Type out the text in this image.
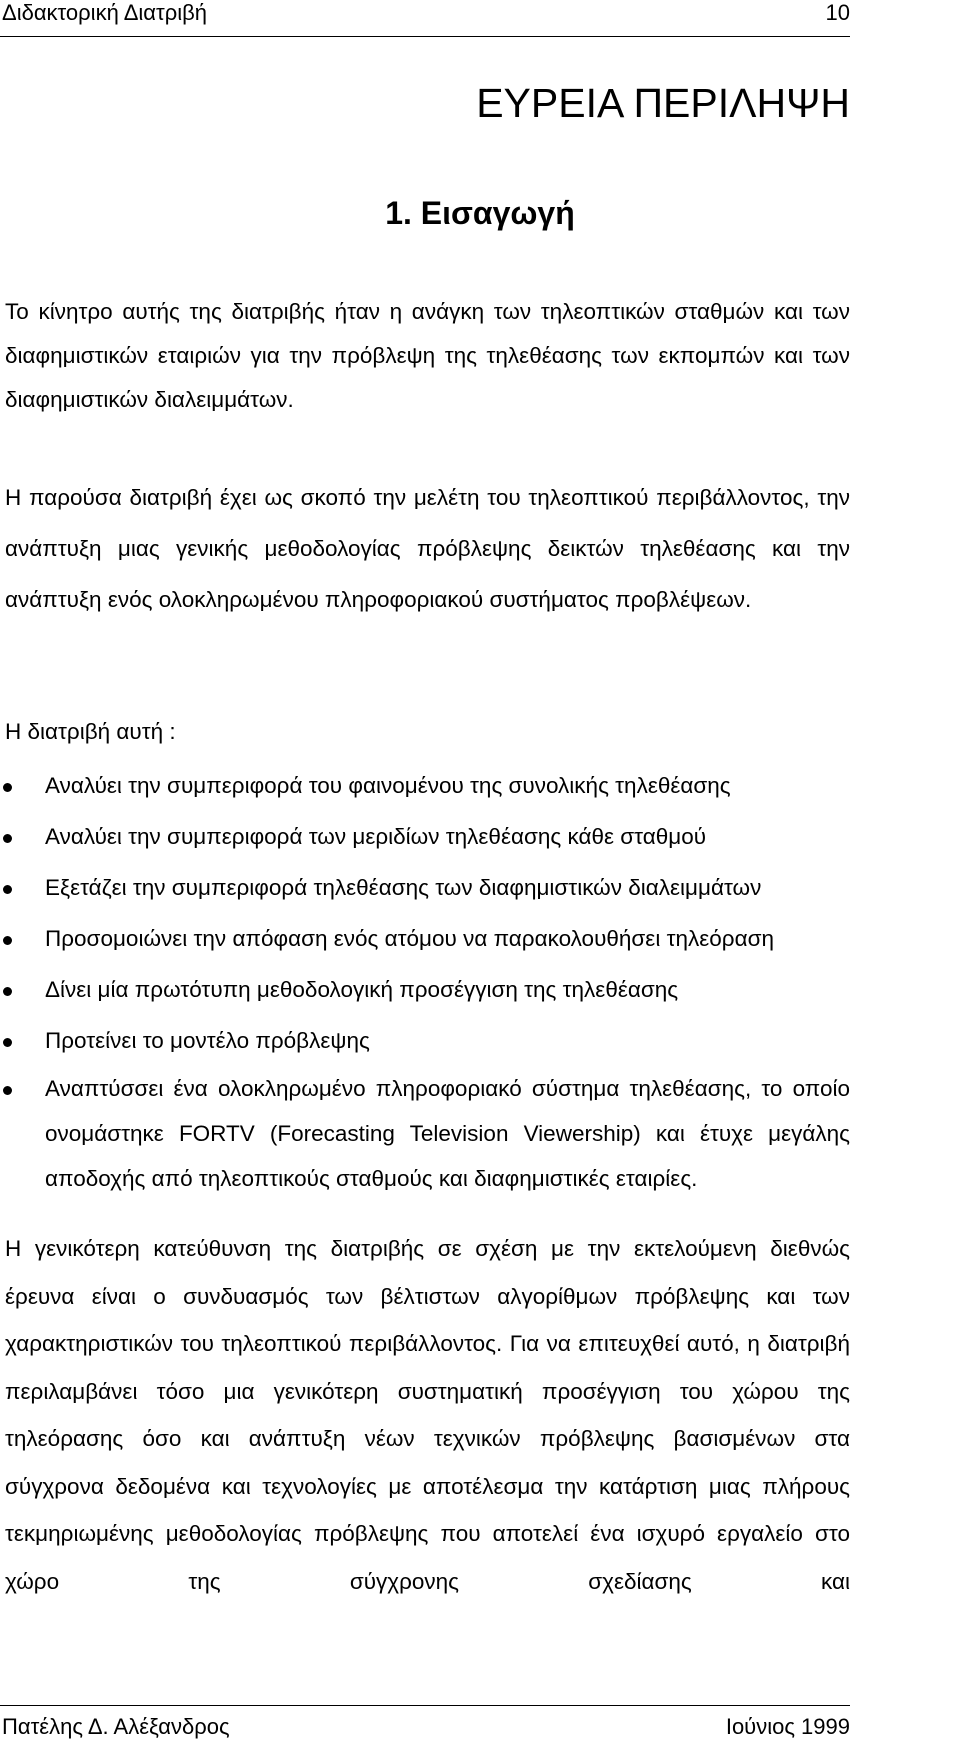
Διδακτορική Διατριβή	10
ΕΥΡΕΙΑ ΠΕΡΙΛΗΨΗ
1. Εισαγωγή

Το κίνητρο αυτής της διατριβής ήταν η ανάγκη των τηλεοπτικών σταθμών και των διαφημιστικών εταιριών για την πρόβλεψη της τηλεθέασης των εκπομπών και των διαφημιστικών διαλειμμάτων.

Η παρούσα διατριβή έχει ως σκοπό την μελέτη του τηλεοπτικού περιβάλλοντος, την ανάπτυξη μιας γενικής μεθοδολογίας πρόβλεψης δεικτών τηλεθέασης και την ανάπτυξη ενός ολοκληρωμένου πληροφοριακού συστήματος προβλέψεων.

Η διατριβή αυτή :

Αναλύει την συμπεριφορά του φαινομένου της συνολικής τηλεθέασης
Αναλύει την συμπεριφορά των μεριδίων τηλεθέασης κάθε σταθμού
Εξετάζει την συμπεριφορά τηλεθέασης των διαφημιστικών διαλειμμάτων
Προσομοιώνει την απόφαση ενός ατόμου να παρακολουθήσει τηλεόραση
Δίνει μία πρωτότυπη μεθοδολογική προσέγγιση της τηλεθέασης
Προτείνει το μοντέλο πρόβλεψης
Αναπτύσσει ένα ολοκληρωμένο πληροφοριακό σύστημα τηλεθέασης, το οποίο ονομάστηκε FORTV (Forecasting Television Viewership) και έτυχε μεγάλης αποδοχής από τηλεοπτικούς σταθμούς και διαφημιστικές εταιρίες.

Η γενικότερη κατεύθυνση της διατριβής σε σχέση με την εκτελούμενη διεθνώς έρευνα είναι ο συνδυασμός των βέλτιστων αλγορίθμων πρόβλεψης και των χαρακτηριστικών του τηλεοπτικού περιβάλλοντος. Για να επιτευχθεί αυτό, η διατριβή περιλαμβάνει τόσο μια γενικότερη συστηματική προσέγγιση του χώρου της τηλεόρασης όσο και ανάπτυξη νέων τεχνικών πρόβλεψης βασισμένων στα σύγχρονα δεδομένα και τεχνολογίες με αποτέλεσμα την κατάρτιση μιας πλήρους τεκμηριωμένης μεθοδολογίας πρόβλεψης που αποτελεί ένα ισχυρό εργαλείο στο χώρο της σύγχρονης σχεδίασης και

Πατέλης Δ. Αλέξανδρος	Ιούνιος 1999
